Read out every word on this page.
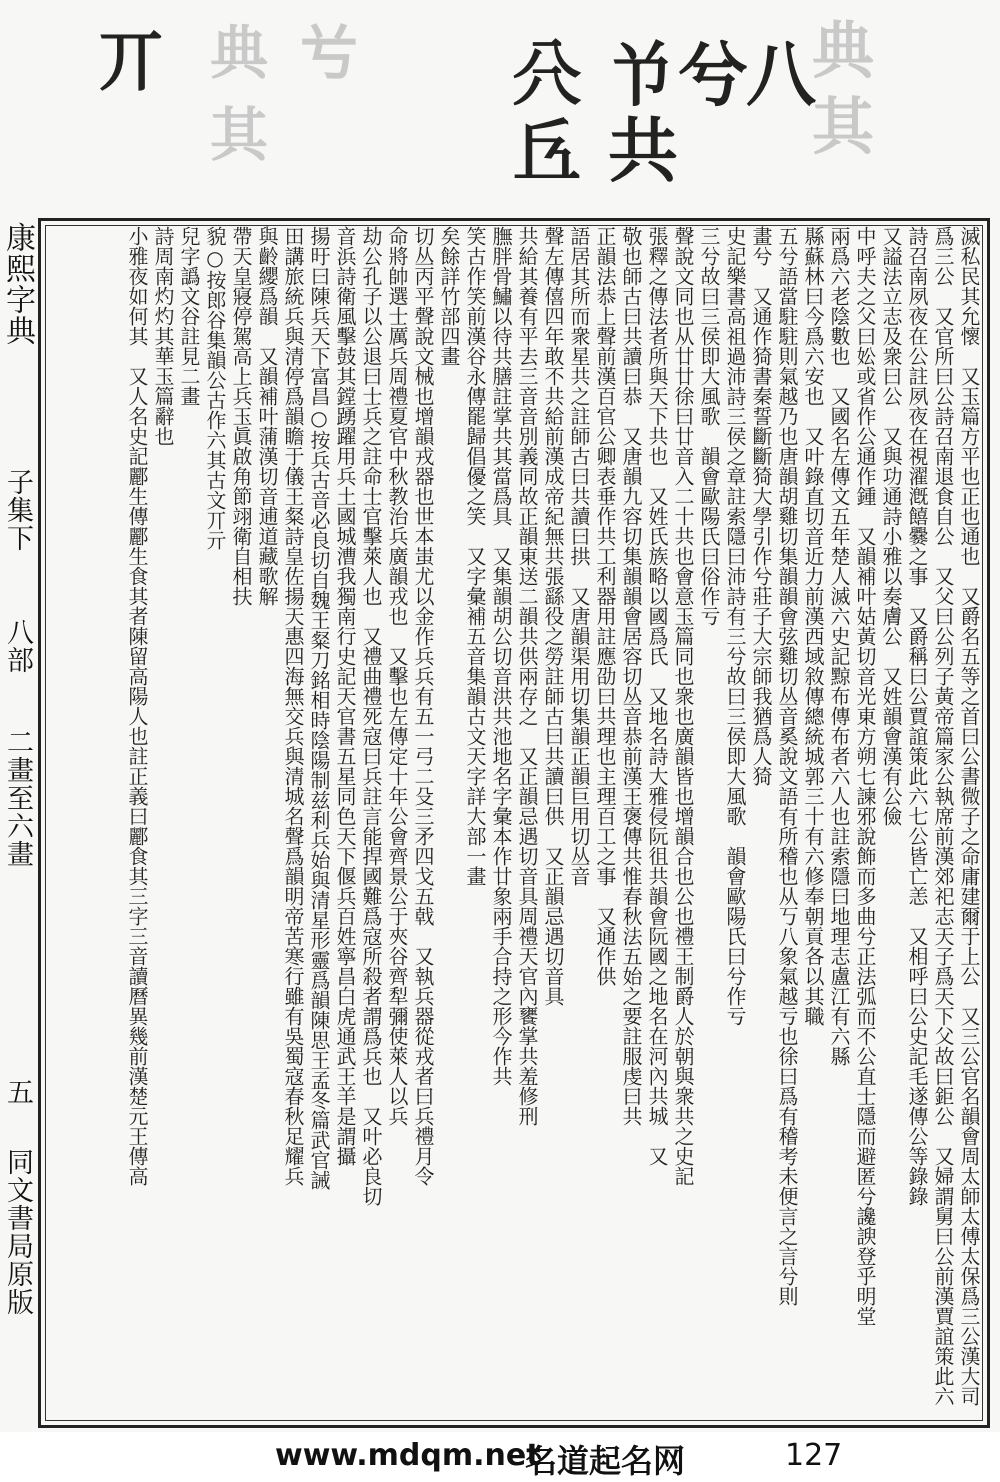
丌 典
其
𠔃 𠔁
𠀈
兯
共
兮
八
典
其
康熙字典
子集下
八部
二畫至六畫
五
同文書局原版
滅私民其允懷　又玉篇方平也正也通也　又爵名五等之首曰公書微子之命庸建爾于上公　又三公官名韻會周太師太傅太保爲三公漢大司
爲三公　又官所曰公詩召南退食自公　又父曰公列子黃帝篇家公執席前漢郊祀志天子爲天下父故曰鉅公　又婦謂舅曰公前漢賈誼策此六　　
詩召南夙夜在公註夙夜在視濯漑饎爨之事　又爵稱曰公賈誼策此六七公皆亡恙　又相呼曰公史記毛遂傳公等錄錄
又謚法立志及衆曰公　又與功通詩小雅以奏膚公　又姓韻會漢有公儉
中呼夫之父曰妐或省作公通作鍾　又韻補叶姑黃切音光東方朔七諫邪說飾而多曲兮正法弧而不公直士隱而避匿兮讒諛登乎明堂
兩爲六老陰數也　又國名左傳文五年楚人滅六史記黥布傳布者六人也註索隱曰地理志盧江有六縣
縣蘇林曰今爲六安也　又叶錄直切音近力前漢西域敘傳總統城郭三十有六修奉朝貢各以其職
五兮語當駐駐則氣越乃也唐韻胡雞切集韻韻會弦雞切丛音奚說文語有所稽也从丂八象氣越亏也徐曰爲有稽考未便言之言兮則
畫兮　又通作猗書秦誓斷斷猗大學引作兮莊子大宗師我猶爲人猗
史記樂書高祖過沛詩三侯之章註索隱曰沛詩有三兮故曰三侯即大風歌　韻會歐陽氏曰兮作亏
三兮故曰三侯即大風歌　韻會歐陽氏曰俗作亏
聲說文同也从廿廿徐曰廿音入二十共也會意玉篇同也衆也廣韻皆也增韻合也公也禮王制爵人於朝與衆共之史記
張釋之傳法者所與天下共也　又姓氏族略以國爲氏　又地名詩大雅侵阮徂共韻會阮國之地名在河內共城　又
敬也師古曰共讀曰恭　又唐韻九容切集韻韻會居容切丛音恭前漢王褒傳共惟春秋法五始之要註服虔曰共
正韻法恭上聲前漢百官公卿表垂作共工利器用註應劭曰共理也主理百工之事　又通作供
語居其所而衆星共之註師古曰共讀曰拱　又唐韻渠用切集韻正韻巨用切丛音
聲左傳僖四年敢不共給前漢成帝紀無共張繇役之勞註師古曰共讀曰供　又正韻忌遇切音具
共給其養有平去三音音別義同故正韻東送二韻共供兩存之　又正韻忌遇切音具周禮天官內饔掌共羞修刑
膴胖骨鱐以待共膳註掌共其當爲具　又集韻胡公切音洪共池地名字彙本作廿象兩手合持之形今作共
笑古作笑前漢谷永傳罷歸倡優之笑　又字彙補五音集韻古文天字詳大部一畫
矣餘詳竹部四畫
切丛丙平聲說文械也增韻戎器也世本蚩尤以金作兵兵有五一弓二殳三矛四戈五戟　又執兵器從戎者曰兵禮月令
命將帥選士厲兵周禮夏官中秋教治兵廣韻戎也　又擊也左傳定十年公會齊景公于夾谷齊犁彌使萊人以兵
劫公孔子以公退曰士兵之註命士官擊萊人也　又禮曲禮死寇曰兵註言能捍國難爲寇所殺者謂爲兵也　又叶必良切
音浜詩衛風擊鼓其鏜踴躍用兵土國城漕我獨南行史記天官書五星同色天下偃兵百姓寧昌白虎通武王羊是謂攝
揚旴曰陳兵天下富昌○按兵古音必良切自魏王粲刀銘相時陰陽制兹利兵始與清星形靈爲韻陳思王孟冬篇武官誡
田講旅統兵與清停爲韻瞻于儀王粲詩皇佐揚天惠四海無交兵與清城名聲爲韻明帝苦寒行雖有吳蜀寇春秋足耀兵
與齡纓爲韻　又韻補叶蒲漢切音逋道藏歌解
帶天皇寢停駕高上兵玉眞啟角節翊衛自相扶
貌○按郎谷集韻公古作六其古文丌亓
兒字譌文谷註見二畫
詩周南灼灼其華玉篇辭也
小雅夜如何其　又人名史記酈生傳酈生食其者陳留高陽人也註正義曰酈食其三字三音讀曆異幾前漢楚元王傳高
www.mdqm.net
名道起名网	127
